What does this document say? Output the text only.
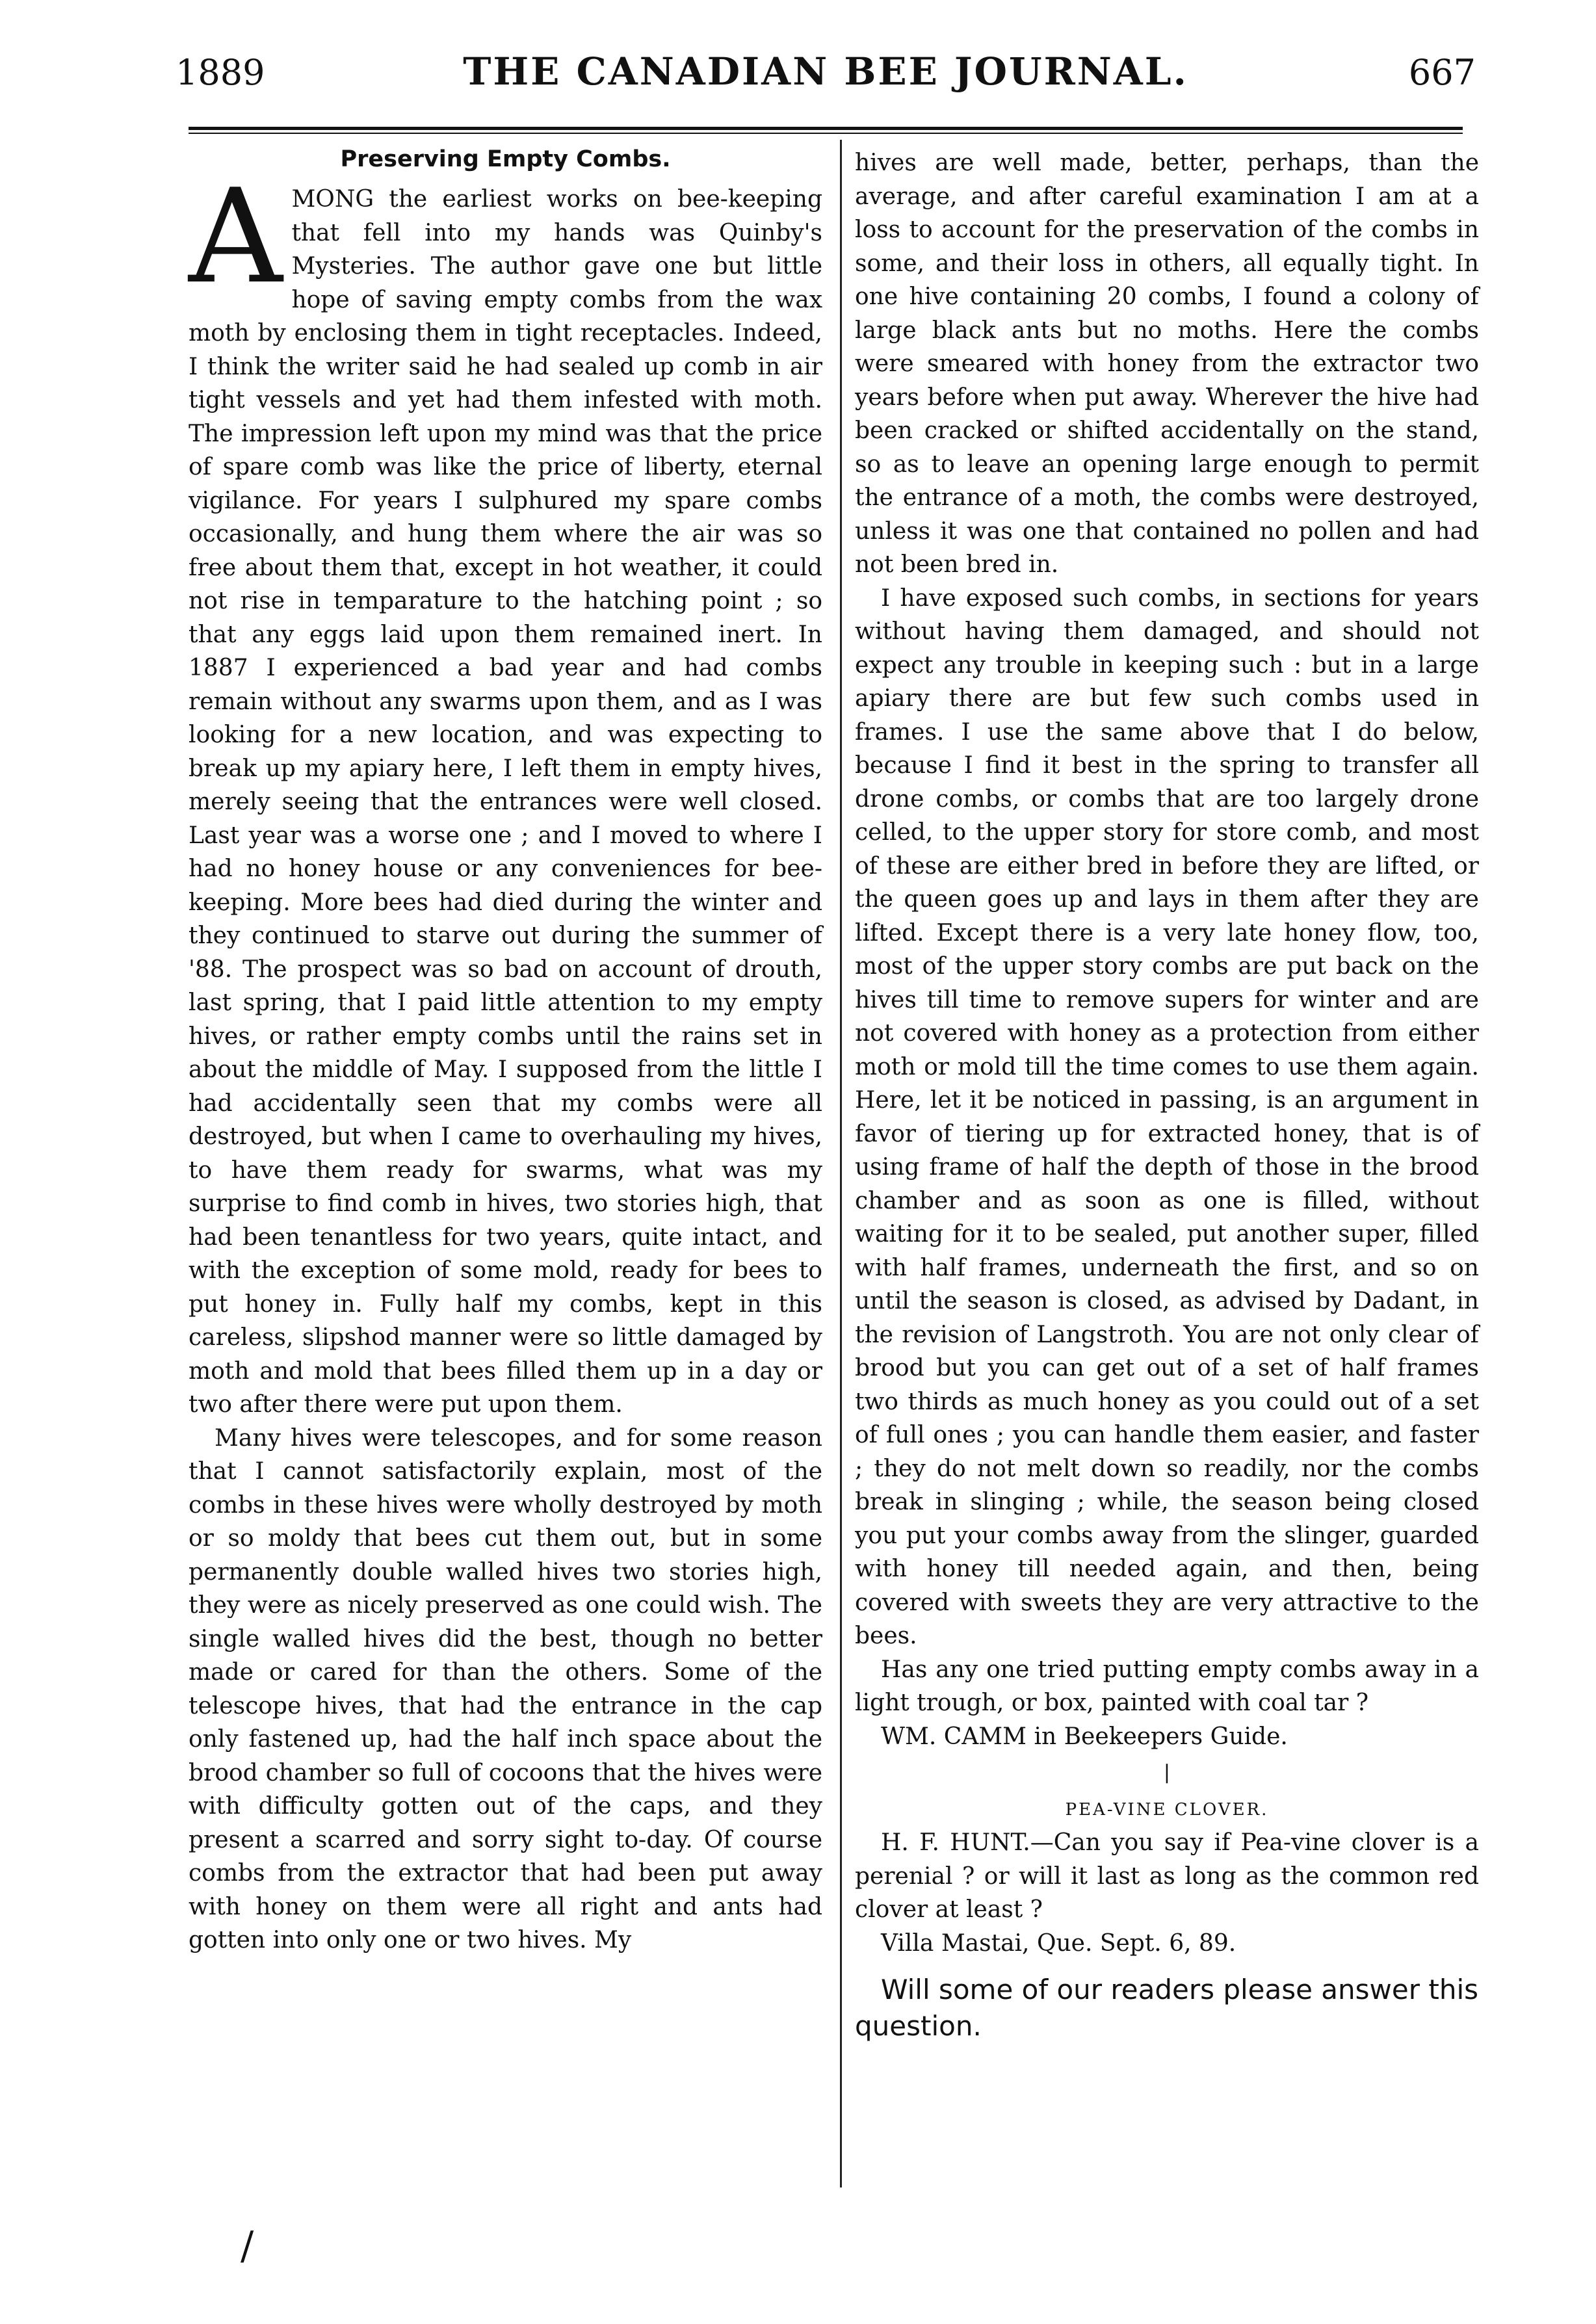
1889	THE CANADIAN BEE JOURNAL.	667
Preserving Empty Combs.

AMONG the earliest works on bee-keeping that fell into my hands was Quinby's Mysteries. The author gave one but little hope of saving empty combs from the wax moth by enclosing them in tight receptacles. Indeed, I think the writer said he had sealed up comb in air tight vessels and yet had them infested with moth. The impression left upon my mind was that the price of spare comb was like the price of liberty, eternal vigilance. For years I sulphured my spare combs occasionally, and hung them where the air was so free about them that, except in hot weather, it could not rise in temparature to the hatching point ; so that any eggs laid upon them remained inert. In 1887 I experienced a bad year and had combs remain without any swarms upon them, and as I was looking for a new location, and was expecting to break up my apiary here, I left them in empty hives, merely seeing that the entrances were well closed. Last year was a worse one ; and I moved to where I had no honey house or any conveniences for bee-keeping. More bees had died during the winter and they continued to starve out during the summer of '88. The prospect was so bad on account of drouth, last spring, that I paid little attention to my empty hives, or rather empty combs until the rains set in about the middle of May. I supposed from the little I had accidentally seen that my combs were all destroyed, but when I came to overhauling my hives, to have them ready for swarms, what was my surprise to find comb in hives, two stories high, that had been tenantless for two years, quite intact, and with the exception of some mold, ready for bees to put honey in. Fully half my combs, kept in this careless, slipshod manner were so little damaged by moth and mold that bees filled them up in a day or two after there were put upon them.

Many hives were telescopes, and for some reason that I cannot satisfactorily explain, most of the combs in these hives were wholly destroyed by moth or so moldy that bees cut them out, but in some permanently double walled hives two stories high, they were as nicely preserved as one could wish. The single walled hives did the best, though no better made or cared for than the others. Some of the telescope hives, that had the entrance in the cap only fastened up, had the half inch space about the brood chamber so full of cocoons that the hives were with difficulty gotten out of the caps, and they present a scarred and sorry sight to-day. Of course combs from the extractor that had been put away with honey on them were all right and ants had gotten into only one or two hives. My

hives are well made, better, perhaps, than the average, and after careful examination I am at a loss to account for the preservation of the combs in some, and their loss in others, all equally tight. In one hive containing 20 combs, I found a colony of large black ants but no moths. Here the combs were smeared with honey from the extractor two years before when put away. Wherever the hive had been cracked or shifted accidentally on the stand, so as to leave an opening large enough to permit the entrance of a moth, the combs were destroyed, unless it was one that contained no pollen and had not been bred in.

I have exposed such combs, in sections for years without having them damaged, and should not expect any trouble in keeping such : but in a large apiary there are but few such combs used in frames. I use the same above that I do below, because I find it best in the spring to transfer all drone combs, or combs that are too largely drone celled, to the upper story for store comb, and most of these are either bred in before they are lifted, or the queen goes up and lays in them after they are lifted. Except there is a very late honey flow, too, most of the upper story combs are put back on the hives till time to remove supers for winter and are not covered with honey as a protection from either moth or mold till the time comes to use them again. Here, let it be noticed in passing, is an argument in favor of tiering up for extracted honey, that is of using frame of half the depth of those in the brood chamber and as soon as one is filled, without waiting for it to be sealed, put another super, filled with half frames, underneath the first, and so on until the season is closed, as advised by Dadant, in the revision of Langstroth. You are not only clear of brood but you can get out of a set of half frames two thirds as much honey as you could out of a set of full ones ; you can handle them easier, and faster ; they do not melt down so readily, nor the combs break in slinging ; while, the season being closed you put your combs away from the slinger, guarded with honey till needed again, and then, being covered with sweets they are very attractive to the bees.

Has any one tried putting empty combs away in a light trough, or box, painted with coal tar ?

WM. CAMM in Beekeepers Guide.

❘
PEA-VINE CLOVER.

H. F. HUNT.—Can you say if Pea-vine clover is a perenial ? or will it last as long as the common red clover at least ?

Villa Mastai, Que. Sept. 6, 89.

Will some of our readers please answer this question.

/
